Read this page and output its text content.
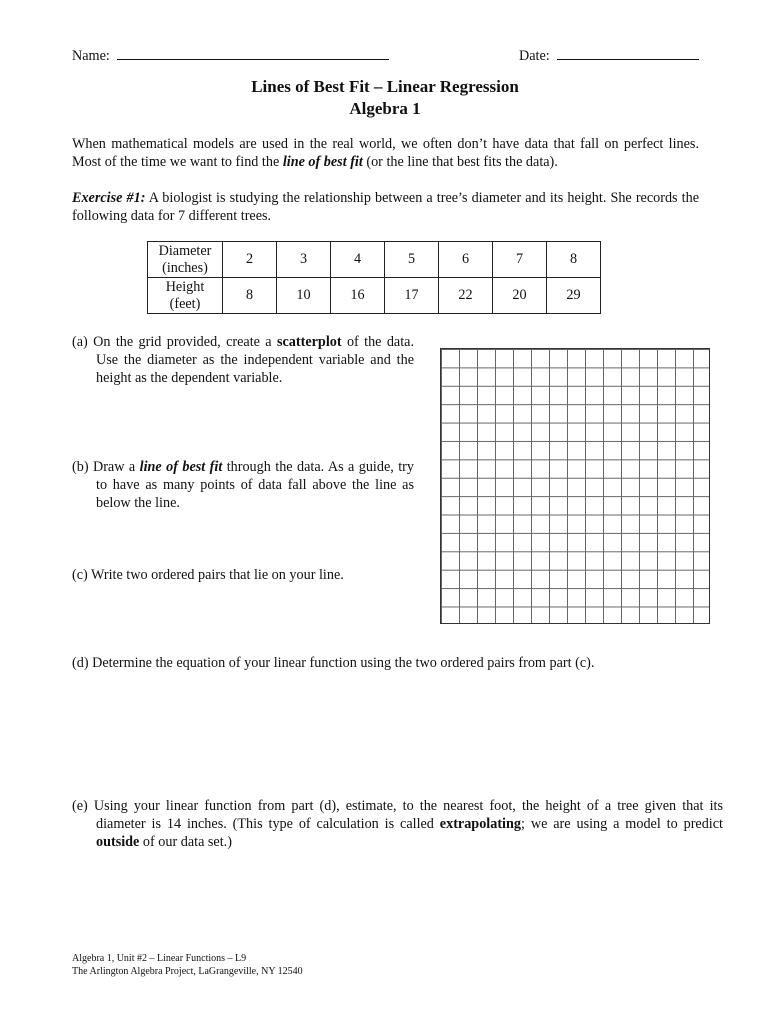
Name:	Date:
Lines of Best Fit – Linear Regression
Algebra 1
When mathematical models are used in the real world, we often don’t have data that fall on perfect lines. Most of the time we want to find the line of best fit (or the line that best fits the data).
Exercise #1: A biologist is studying the relationship between a tree’s diameter and its height. She records the following data for 7 different trees.
Diameter
(inches)	2	3	4	5	6	7	8

Height
(feet)	8	10	16	17	22	20	29
(a) On the grid provided, create a scatterplot of the data. Use the diameter as the independent variable and the height as the dependent variable.
(b) Draw a line of best fit through the data. As a guide, try to have as many points of data fall above the line as below the line.
(c) Write two ordered pairs that lie on your line.
(d) Determine the equation of your linear function using the two ordered pairs from part (c).
(e) Using your linear function from part (d), estimate, to the nearest foot, the height of a tree given that its diameter is 14 inches. (This type of calculation is called extrapolating; we are using a model to predict outside of our data set.)
Algebra 1, Unit #2 – Linear Functions – L9
The Arlington Algebra Project, LaGrangeville, NY 12540
